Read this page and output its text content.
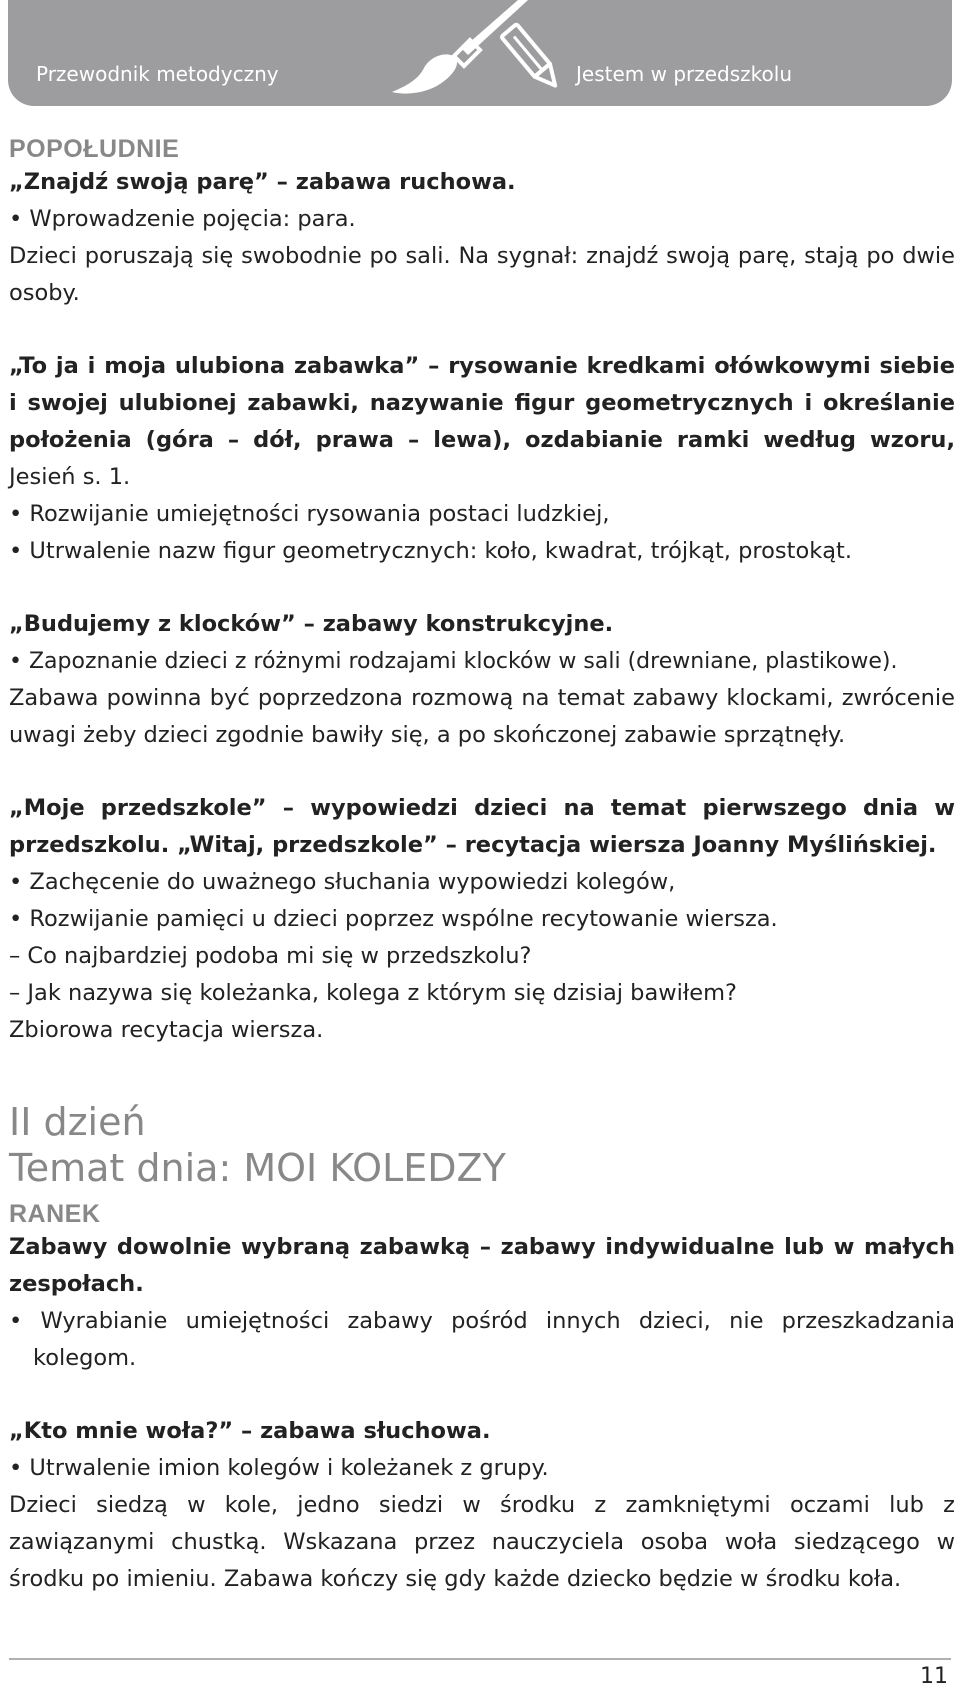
Przewodnik metodyczny	Jestem w przedszkolu
POPOŁUDNIE

„Znajdź swoją parę” – zabawa ruchowa.

• Wprowadzenie pojęcia: para.

Dzieci poruszają się swobodnie po sali. Na sygnał: znajdź swoją parę, stają po dwie osoby.

„To ja i moja ulubiona zabawka” – rysowanie kredkami ołówkowymi siebie i swojej ulubionej zabawki, nazywanie figur geometrycznych i określanie położenia (góra – dół, prawa – lewa), ozdabianie ramki według wzoru, Jesień s. 1.

• Rozwijanie umiejętności rysowania postaci ludzkiej,

• Utrwalenie nazw figur geometrycznych: koło, kwadrat, trójkąt, prostokąt.

„Budujemy z klocków” – zabawy konstrukcyjne.

• Zapoznanie dzieci z różnymi rodzajami klocków w sali (drewniane, plastikowe).

Zabawa powinna być poprzedzona rozmową na temat zabawy klockami, zwrócenie uwagi żeby dzieci zgodnie bawiły się, a po skończonej zabawie sprzątnęły.

„Moje przedszkole” – wypowiedzi dzieci na temat pierwszego dnia w przedszkolu. „Witaj, przedszkole” – recytacja wiersza Joanny Myślińskiej.

• Zachęcenie do uważnego słuchania wypowiedzi kolegów,

• Rozwijanie pamięci u dzieci poprzez wspólne recytowanie wiersza.

– Co najbardziej podoba mi się w przedszkolu?

– Jak nazywa się koleżanka, kolega z którym się dzisiaj bawiłem?

Zbiorowa recytacja wiersza.

II dzień
Temat dnia: MOI KOLEDZY
RANEK

Zabawy dowolnie wybraną zabawką – zabawy indywidualne lub w małych zespołach.

• Wyrabianie umiejętności zabawy pośród innych dzieci, nie przeszkadzania kolegom.

„Kto mnie woła?” – zabawa słuchowa.

• Utrwalenie imion kolegów i koleżanek z grupy.

Dzieci siedzą w kole, jedno siedzi w środku z zamkniętymi oczami lub z zawiązanymi chustką. Wskazana przez nauczyciela osoba woła siedzącego w środku po imieniu. Zabawa kończy się gdy każde dziecko będzie w środku koła.

11
